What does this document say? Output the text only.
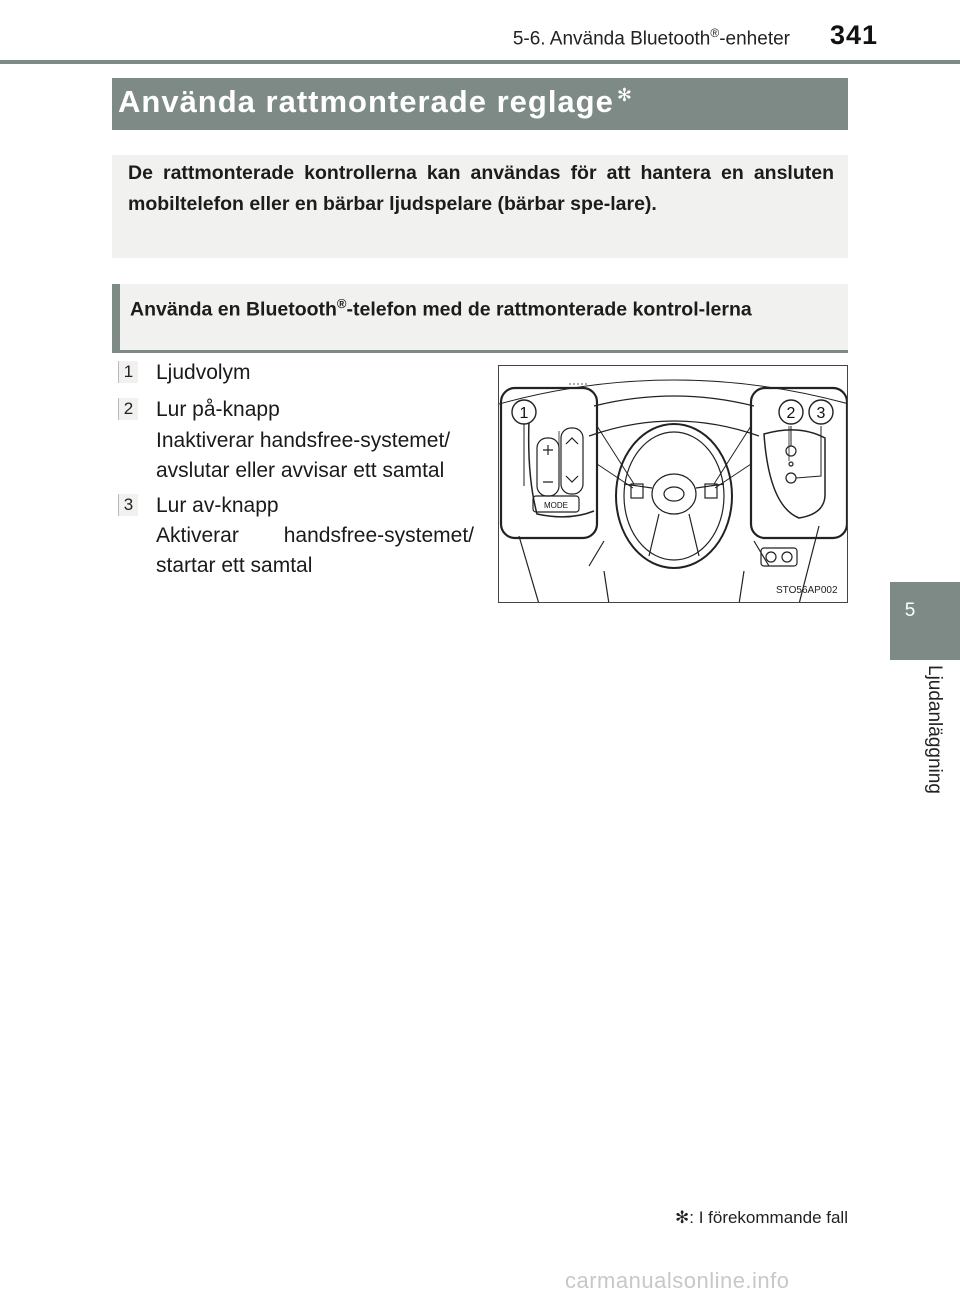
5-6. Använda Bluetooth®-enheter 341
5
Ljudanläggning
Använda rattmonterade reglage ✻
De rattmonterade kontrollerna kan användas för att hantera en ansluten mobiltelefon eller en bärbar ljudspelare (bärbar spe-lare).
Använda en Bluetooth®-telefon med de rattmonterade kontrol-lerna
1 Ljudvolym
2 Lur på-knapp
Inaktiverar handsfree-systemet/
avslutar eller avvisar ett samtal
3 Lur av-knapp
Aktiverar handsfree-systemet/
startar ett samtal
1	2 3
MODE
STO56AP002
✻: I förekommande fall
carmanualsonline.info
